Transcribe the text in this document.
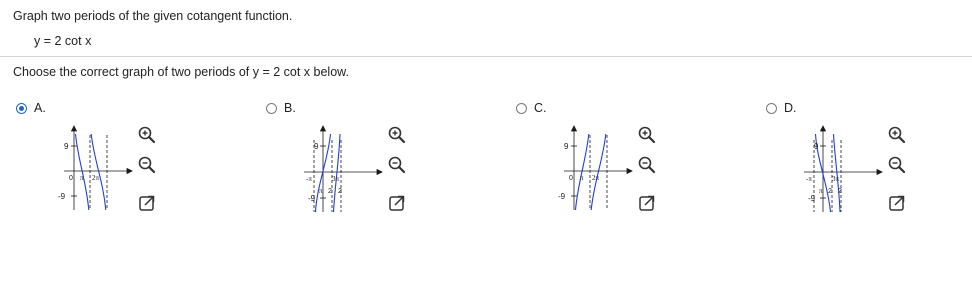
Graph two periods of the given cotangent function.
y = 2 cot x
Choose the correct graph of two periods of y = 2 cot x below.
A.
9
-9
0 π 2π
B.
9
-9
-π	3π
π 2 2
C.
9
-9
0 π 2π
D.
9
-9
-π	3π
π 2 2
